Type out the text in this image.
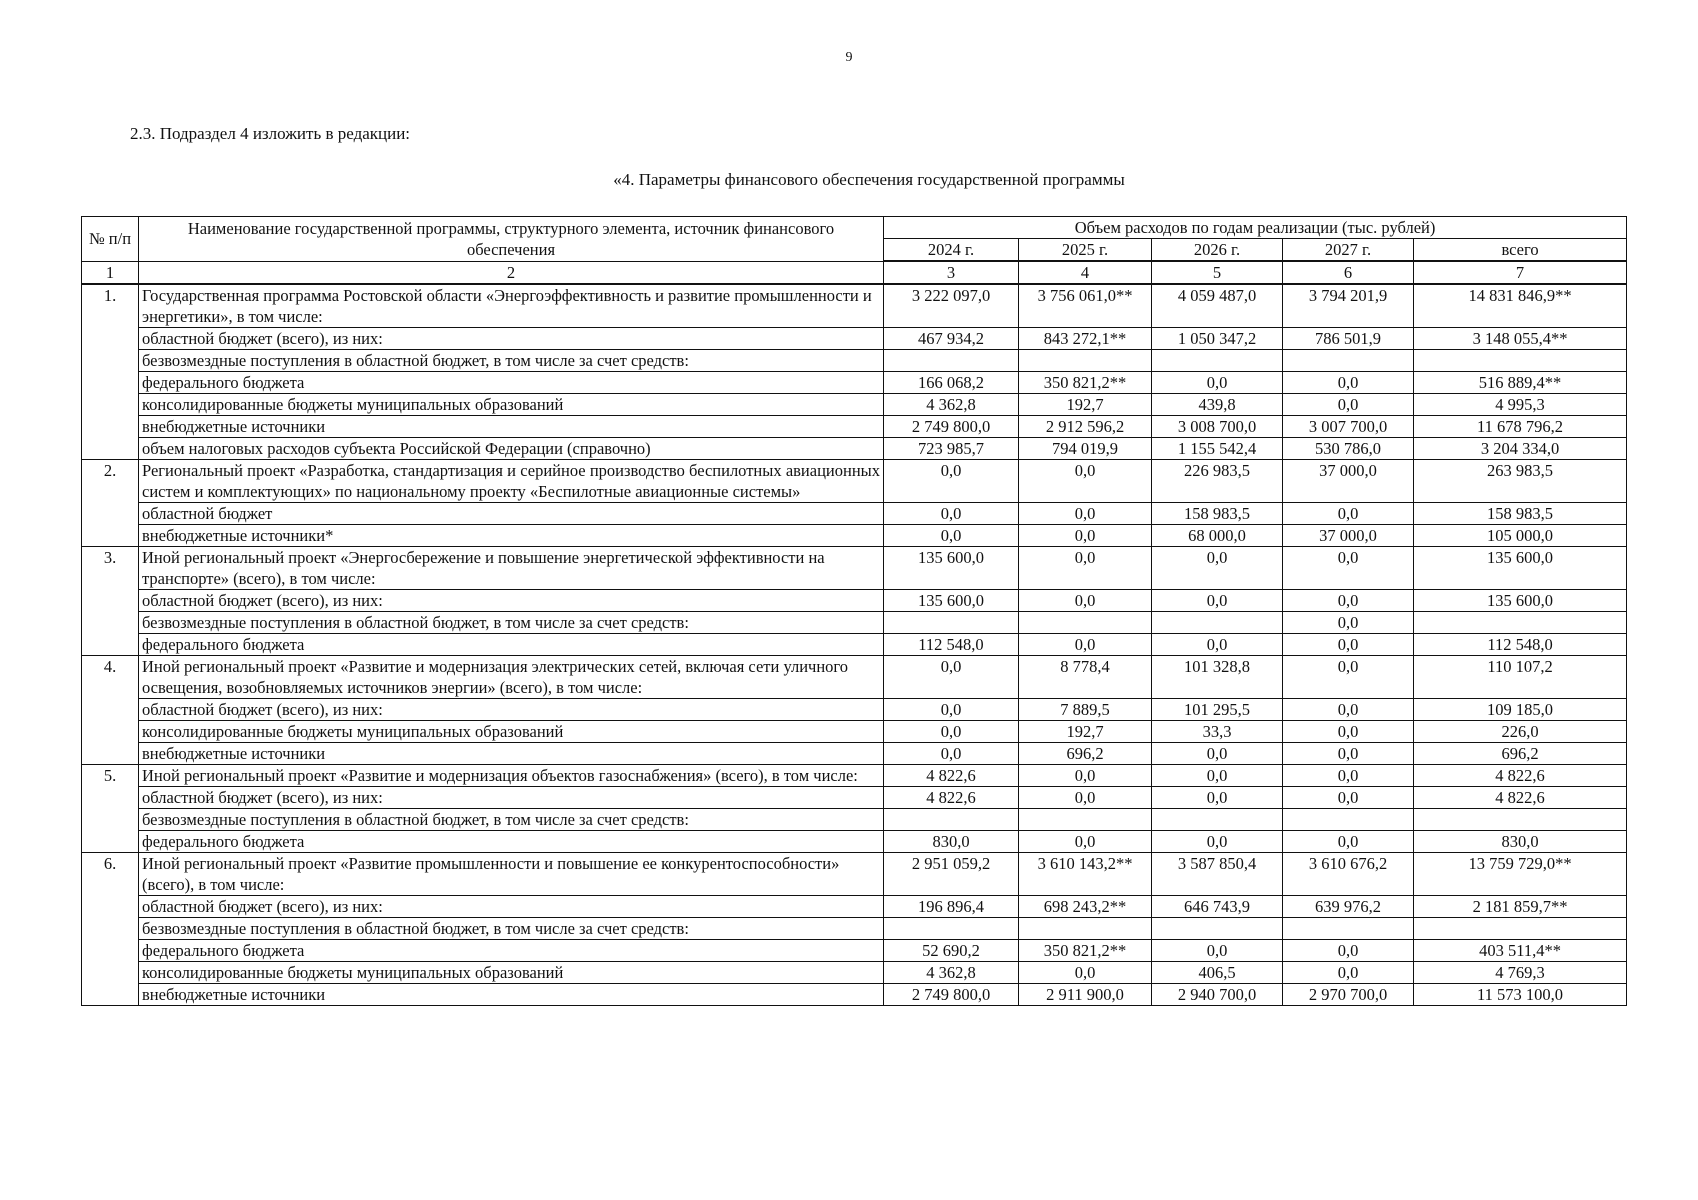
9
2.3. Подраздел 4 изложить в редакции:
«4. Параметры финансового обеспечения государственной программы
№ п/п	Наименование государственной программы, структурного элемента, источник финансового обеспечения	Объем расходов по годам реализации (тыс. рублей)				
		2024 г.	2025 г.	2026 г.	2027 г.	всего
1	2	3	4	5	6	7
1.	Государственная программа Ростовской области «Энергоэффективность и развитие промышленности и энергетики», в том числе:	3 222 097,0	3 756 061,0**	4 059 487,0	3 794 201,9	14 831 846,9**
	областной бюджет (всего), из них:	467 934,2	843 272,1**	1 050 347,2	786 501,9	3 148 055,4**
	безвозмездные поступления в областной бюджет, в том числе за счет средств:					
	федерального бюджета	166 068,2	350 821,2**	0,0	0,0	516 889,4**
	консолидированные бюджеты муниципальных образований	4 362,8	192,7	439,8	0,0	4 995,3
	внебюджетные источники	2 749 800,0	2 912 596,2	3 008 700,0	3 007 700,0	11 678 796,2
	объем налоговых расходов субъекта Российской Федерации (справочно)	723 985,7	794 019,9	1 155 542,4	530 786,0	3 204 334,0
2.	Региональный проект «Разработка, стандартизация и серийное производство беспилотных авиационных систем и комплектующих» по национальному проекту «Беспилотные авиационные системы»	0,0	0,0	226 983,5	37 000,0	263 983,5
	областной бюджет	0,0	0,0	158 983,5	0,0	158 983,5
	внебюджетные источники*	0,0	0,0	68 000,0	37 000,0	105 000,0
3.	Иной региональный проект «Энергосбережение и повышение энергетической эффективности на транспорте» (всего), в том числе:	135 600,0	0,0	0,0	0,0	135 600,0
	областной бюджет (всего), из них:	135 600,0	0,0	0,0	0,0	135 600,0
	безвозмездные поступления в областной бюджет, в том числе за счет средств:				0,0	
	федерального бюджета	112 548,0	0,0	0,0	0,0	112 548,0
4.	Иной региональный проект «Развитие и модернизация электрических сетей, включая сети уличного освещения, возобновляемых источников энергии» (всего), в том числе:	0,0	8 778,4	101 328,8	0,0	110 107,2
	областной бюджет (всего), из них:	0,0	7 889,5	101 295,5	0,0	109 185,0
	консолидированные бюджеты муниципальных образований	0,0	192,7	33,3	0,0	226,0
	внебюджетные источники	0,0	696,2	0,0	0,0	696,2
5.	Иной региональный проект «Развитие и модернизация объектов газоснабжения» (всего), в том числе:	4 822,6	0,0	0,0	0,0	4 822,6
	областной бюджет (всего), из них:	4 822,6	0,0	0,0	0,0	4 822,6
	безвозмездные поступления в областной бюджет, в том числе за счет средств:					
	федерального бюджета	830,0	0,0	0,0	0,0	830,0
6.	Иной региональный проект «Развитие промышленности и повышение ее конкурентоспособности» (всего), в том числе:	2 951 059,2	3 610 143,2**	3 587 850,4	3 610 676,2	13 759 729,0**
	областной бюджет (всего), из них:	196 896,4	698 243,2**	646 743,9	639 976,2	2 181 859,7**
	безвозмездные поступления в областной бюджет, в том числе за счет средств:					
	федерального бюджета	52 690,2	350 821,2**	0,0	0,0	403 511,4**
	консолидированные бюджеты муниципальных образований	4 362,8	0,0	406,5	0,0	4 769,3
	внебюджетные источники	2 749 800,0	2 911 900,0	2 940 700,0	2 970 700,0	11 573 100,0
